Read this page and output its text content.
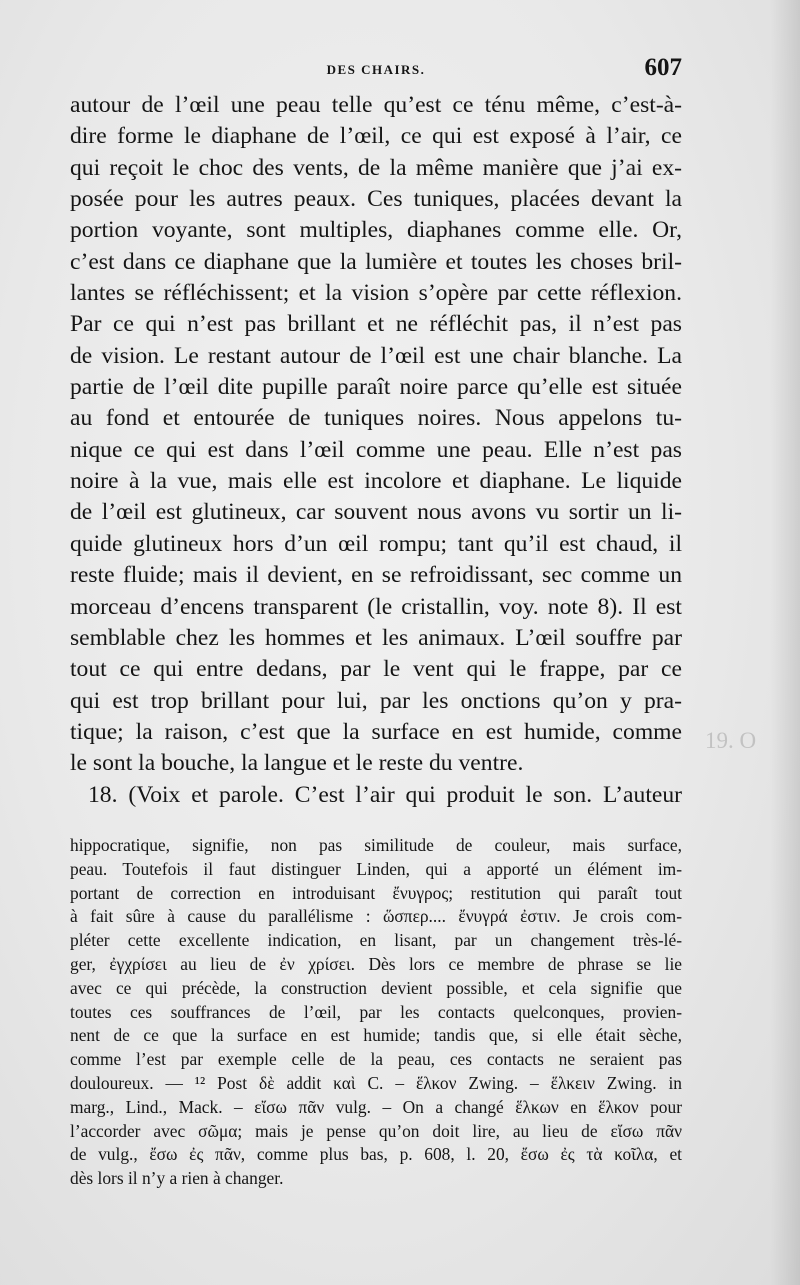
DES CHAIRS.	607
autour de l’œil une peau telle qu’est ce ténu même, c’est-à-
dire forme le diaphane de l’œil, ce qui est exposé à l’air, ce
qui reçoit le choc des vents, de la même manière que j’ai ex-
posée pour les autres peaux. Ces tuniques, placées devant la
portion voyante, sont multiples, diaphanes comme elle. Or,
c’est dans ce diaphane que la lumière et toutes les choses bril-
lantes se réfléchissent; et la vision s’opère par cette réflexion.
Par ce qui n’est pas brillant et ne réfléchit pas, il n’est pas
de vision. Le restant autour de l’œil est une chair blanche. La
partie de l’œil dite pupille paraît noire parce qu’elle est située
au fond et entourée de tuniques noires. Nous appelons tu-
nique ce qui est dans l’œil comme une peau. Elle n’est pas
noire à la vue, mais elle est incolore et diaphane. Le liquide
de l’œil est glutineux, car souvent nous avons vu sortir un li-
quide glutineux hors d’un œil rompu; tant qu’il est chaud, il
reste fluide; mais il devient, en se refroidissant, sec comme un
morceau d’encens transparent (le cristallin, voy. note 8). Il est
semblable chez les hommes et les animaux. L’œil souffre par
tout ce qui entre dedans, par le vent qui le frappe, par ce
qui est trop brillant pour lui, par les onctions qu’on y pra-
tique; la raison, c’est que la surface en est humide, comme
le sont la bouche, la langue et le reste du ventre.
18. (Voix et parole. C’est l’air qui produit le son. L’auteur
19. O
hippocratique, signifie, non pas similitude de couleur, mais surface,
peau. Toutefois il faut distinguer Linden, qui a apporté un élément im-
portant de correction en introduisant ἔνυγρος; restitution qui paraît tout
à fait sûre à cause du parallélisme : ὥσπερ.... ἔνυγρά ἐστιν. Je crois com-
pléter cette excellente indication, en lisant, par un changement très-lé-
ger, ἐγχρίσει au lieu de ἐν χρίσει. Dès lors ce membre de phrase se lie
avec ce qui précède, la construction devient possible, et cela signifie que
toutes ces souffrances de l’œil, par les contacts quelconques, provien-
nent de ce que la surface en est humide; tandis que, si elle était sèche,
comme l’est par exemple celle de la peau, ces contacts ne seraient pas
douloureux. — ¹² Post δὲ addit καὶ C. – ἕλκον Zwing. – ἕλκειν Zwing. in
marg., Lind., Mack. – εἴσω πᾶν vulg. – On a changé ἕλκων en ἕλκον pour
l’accorder avec σῶμα; mais je pense qu’on doit lire, au lieu de εἴσω πᾶν
de vulg., ἔσω ἐς πᾶν, comme plus bas, p. 608, l. 20, ἔσω ἐς τὰ κοῖλα, et
dès lors il n’y a rien à changer.
